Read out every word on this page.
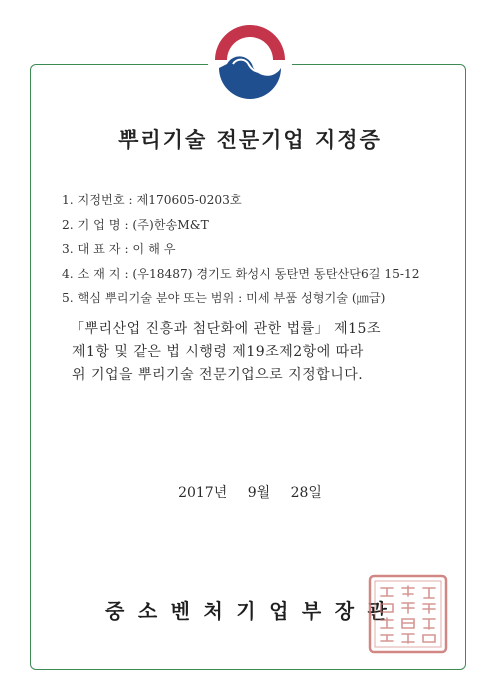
뿌리기술 전문기업 지정증
1. 지정번호 : 제170605-0203호
2. 기 업 명 : (주)한송M&T
3. 대 표 자 : 이 해 우
4. 소 재 지 : (우18487) 경기도 화성시 동탄면 동탄산단6길 15-12
5. 핵심 뿌리기술 분야 또는 범위 : 미세 부품 성형기술 (㎛급)
「뿌리산업 진흥과 첨단화에 관한 법률」 제15조
제1항 및 같은 법 시행령 제19조제2항에 따라
위 기업을 뿌리기술 전문기업으로 지정합니다.
2017년 9월 28일
중소벤처기업부장관
